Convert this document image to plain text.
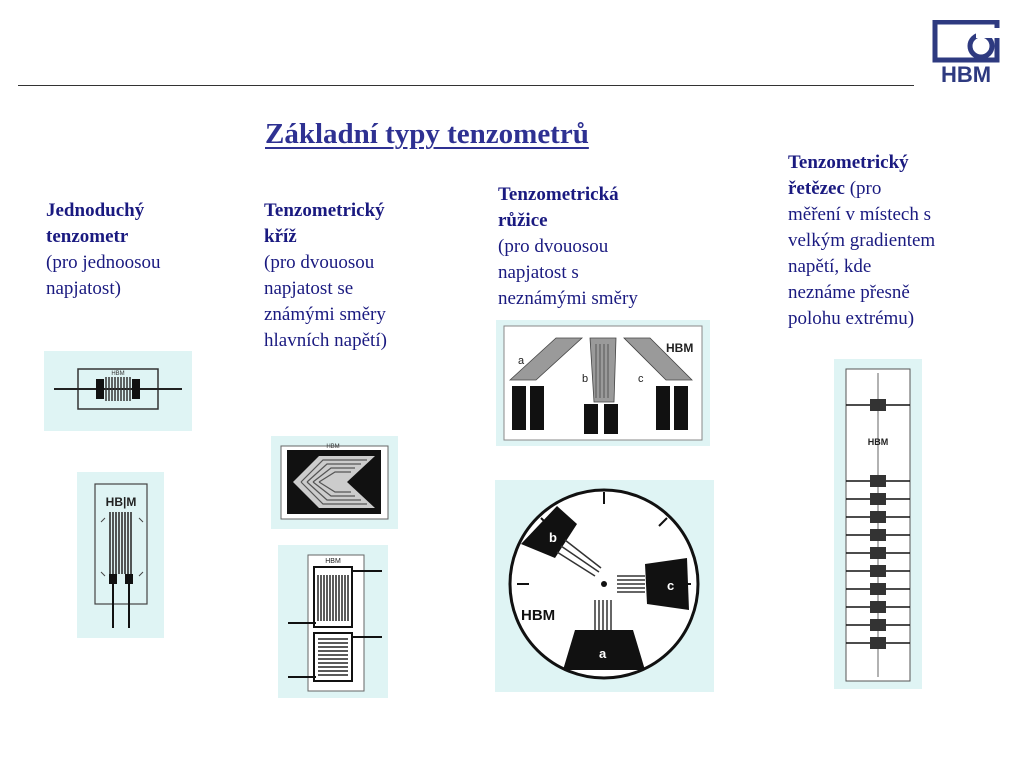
HBM
Základní typy tenzometrů
Jednoduchý
tenzometr
(pro jednoosou
napjatost)
Tenzometrický
kříž
(pro dvouosou
napjatost se
známými směry
hlavních napětí)
Tenzometrická
růžice
(pro dvouosou
napjatost s
neznámými směry
Tenzometrický
řetězec (pro
měření v místech s
velkým gradientem
napětí, kde
neznáme přesně
polohu extrému)
HBM
HB|M
HBM
HBM
a
b	c
HBM
b
c
a
HBM
HBM
